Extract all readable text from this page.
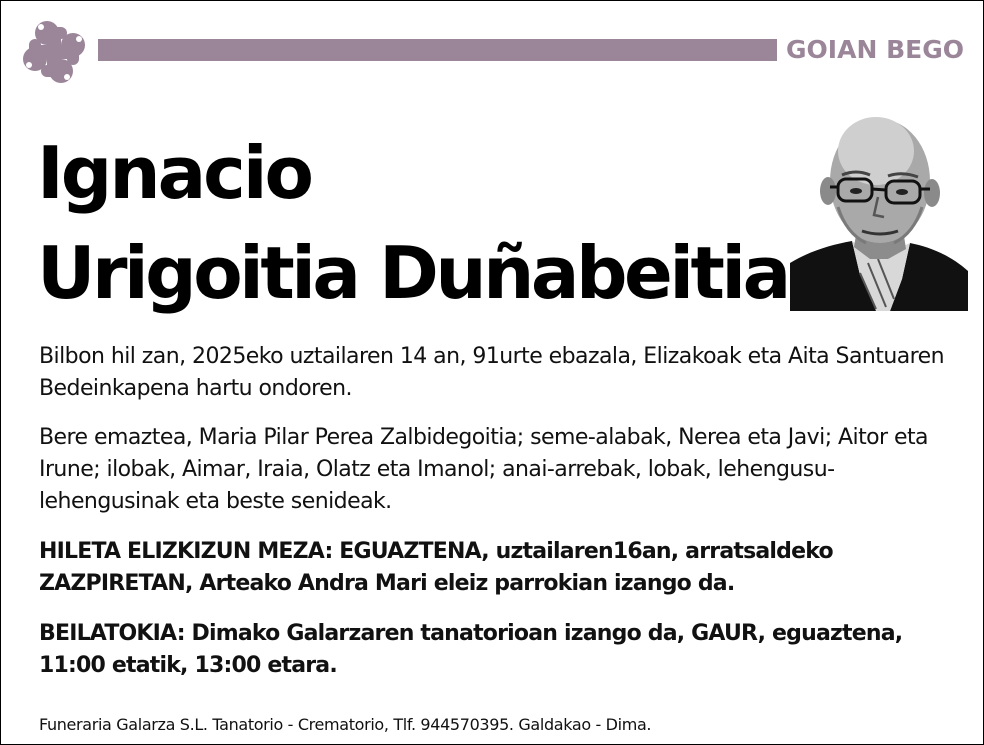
GOIAN BEGO
Ignacio
Urigoitia Duñabeitia

Bilbon hil zan, 2025eko uztailaren 14 an, 91urte ebazala, Elizakoak eta Aita Santuaren Bedeinkapena hartu ondoren.

Bere emaztea, Maria Pilar Perea Zalbidegoitia; seme-alabak, Nerea eta Javi; Aitor eta Irune; ilobak, Aimar, Iraia, Olatz eta Imanol; anai-arrebak, lobak, lehengusu-lehengusinak eta beste senideak.

HILETA ELIZKIZUN MEZA: EGUAZTENA, uztailaren16an, arratsaldeko ZAZPIRETAN, Arteako Andra Mari eleiz parrokian izango da.

BEILATOKIA: Dimako Galarzaren tanatorioan izango da, GAUR, eguaztena, 11:00 etatik, 13:00 etara.

Funeraria Galarza S.L. Tanatorio - Crematorio, Tlf. 944570395. Galdakao - Dima.
